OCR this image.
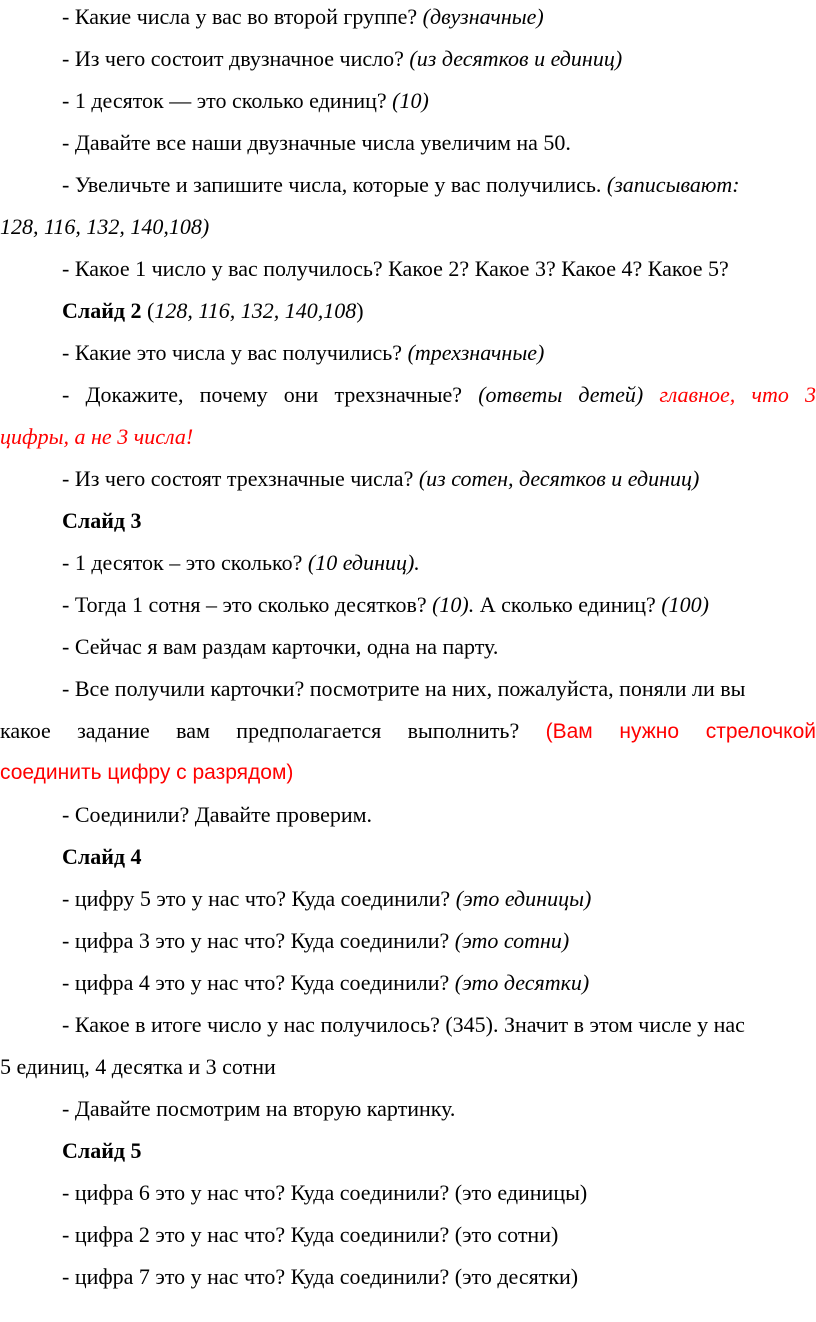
- Какие числа у вас во второй группе? (двузначные)
- Из чего состоит двузначное число? (из десятков и единиц)
- 1 десяток — это сколько единиц? (10)
- Давайте все наши двузначные числа увеличим на 50.
- Увеличьте и запишите числа, которые у вас получились. (записывают:
128, 116, 132, 140,108)
- Какое 1 число у вас получилось? Какое 2? Какое 3? Какое 4? Какое 5?
Слайд 2 (128, 116, 132, 140,108)
- Какие это числа у вас получились? (трехзначные)
- Докажите, почему они трехзначные? (ответы детей) главное, что 3
цифры, а не 3 числа!
- Из чего состоят трехзначные числа? (из сотен, десятков и единиц)
Слайд 3
- 1 десяток – это сколько? (10 единиц).
- Тогда 1 сотня – это сколько десятков? (10). А сколько единиц? (100)
- Сейчас я вам раздам карточки, одна на парту.
- Все получили карточки? посмотрите на них, пожалуйста, поняли ли вы
какое задание вам предполагается выполнить? (Вам нужно стрелочкой
соединить цифру с разрядом)
- Соединили? Давайте проверим.
Слайд 4
- цифру 5 это у нас что? Куда соединили? (это единицы)
- цифра 3 это у нас что? Куда соединили? (это сотни)
- цифра 4 это у нас что? Куда соединили? (это десятки)
- Какое в итоге число у нас получилось? (345). Значит в этом числе у нас
5 единиц, 4 десятка и 3 сотни
- Давайте посмотрим на вторую картинку.
Слайд 5
- цифра 6 это у нас что? Куда соединили? (это единицы)
- цифра 2 это у нас что? Куда соединили? (это сотни)
- цифра 7 это у нас что? Куда соединили? (это десятки)
